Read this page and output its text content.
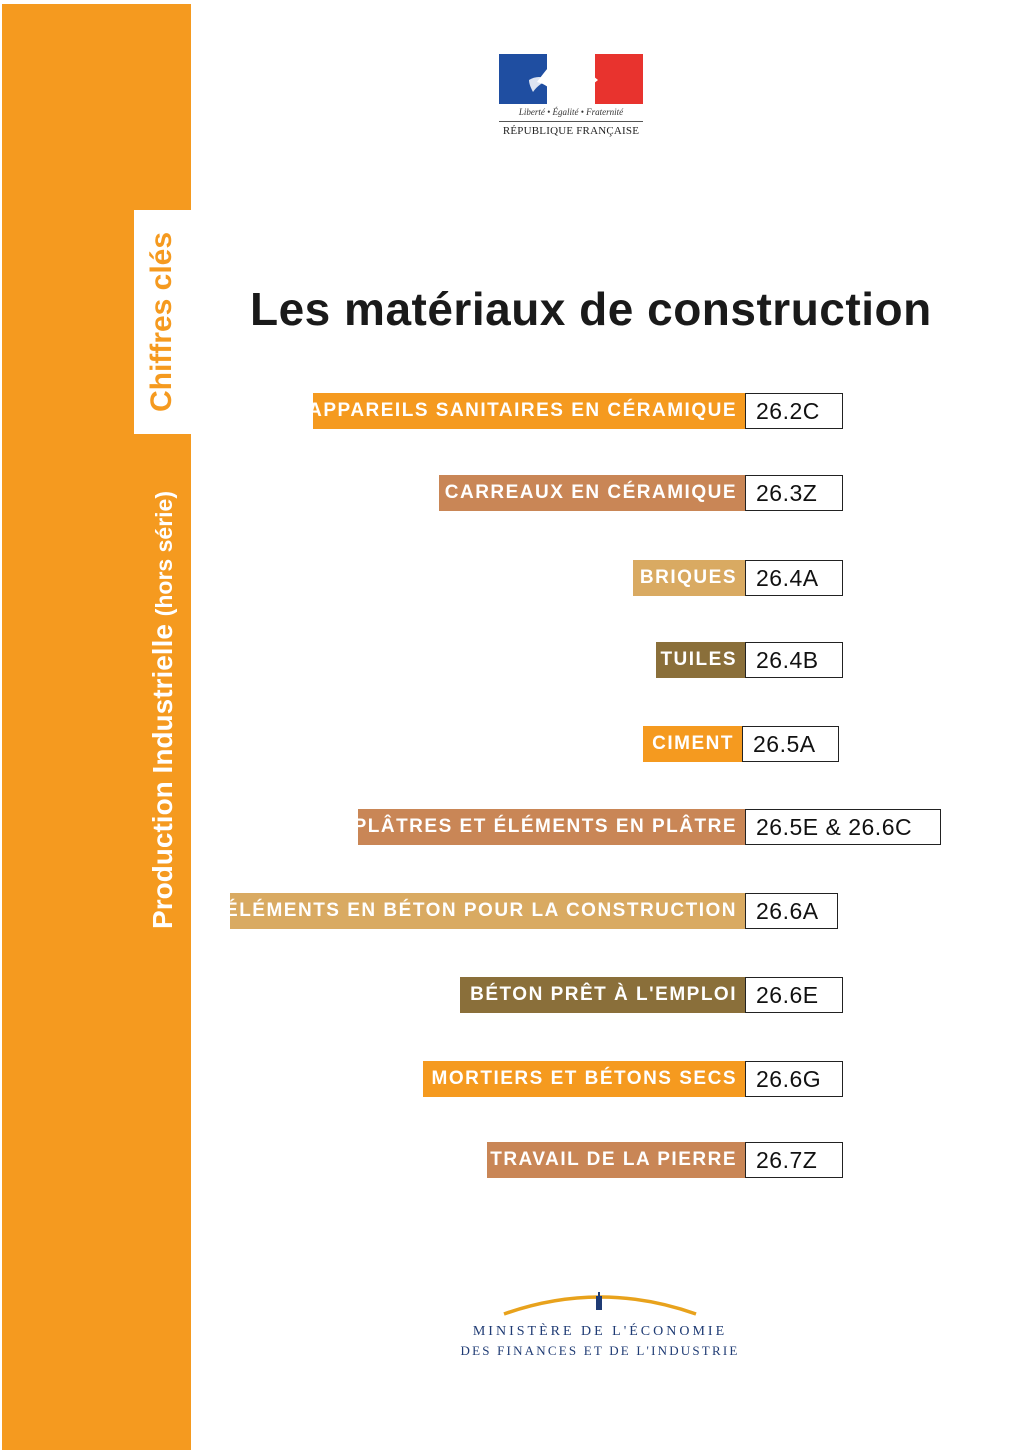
Chiffres clés
Production Industrielle (hors série)
Liberté • Égalité • Fraternité
RÉPUBLIQUE FRANÇAISE
Les matériaux de construction
APPAREILS SANITAIRES EN CÉRAMIQUE 26.2C
CARREAUX EN CÉRAMIQUE 26.3Z
BRIQUES 26.4A
TUILES 26.4B
CIMENT 26.5A
PLÂTRES ET ÉLÉMENTS EN PLÂTRE 26.5E & 26.6C
ÉLÉMENTS EN BÉTON POUR LA CONSTRUCTION 26.6A
BÉTON PRÊT À L'EMPLOI 26.6E
MORTIERS ET BÉTONS SECS 26.6G
TRAVAIL DE LA PIERRE 26.7Z
MINISTÈRE DE L'ÉCONOMIE
DES FINANCES ET DE L'INDUSTRIE
